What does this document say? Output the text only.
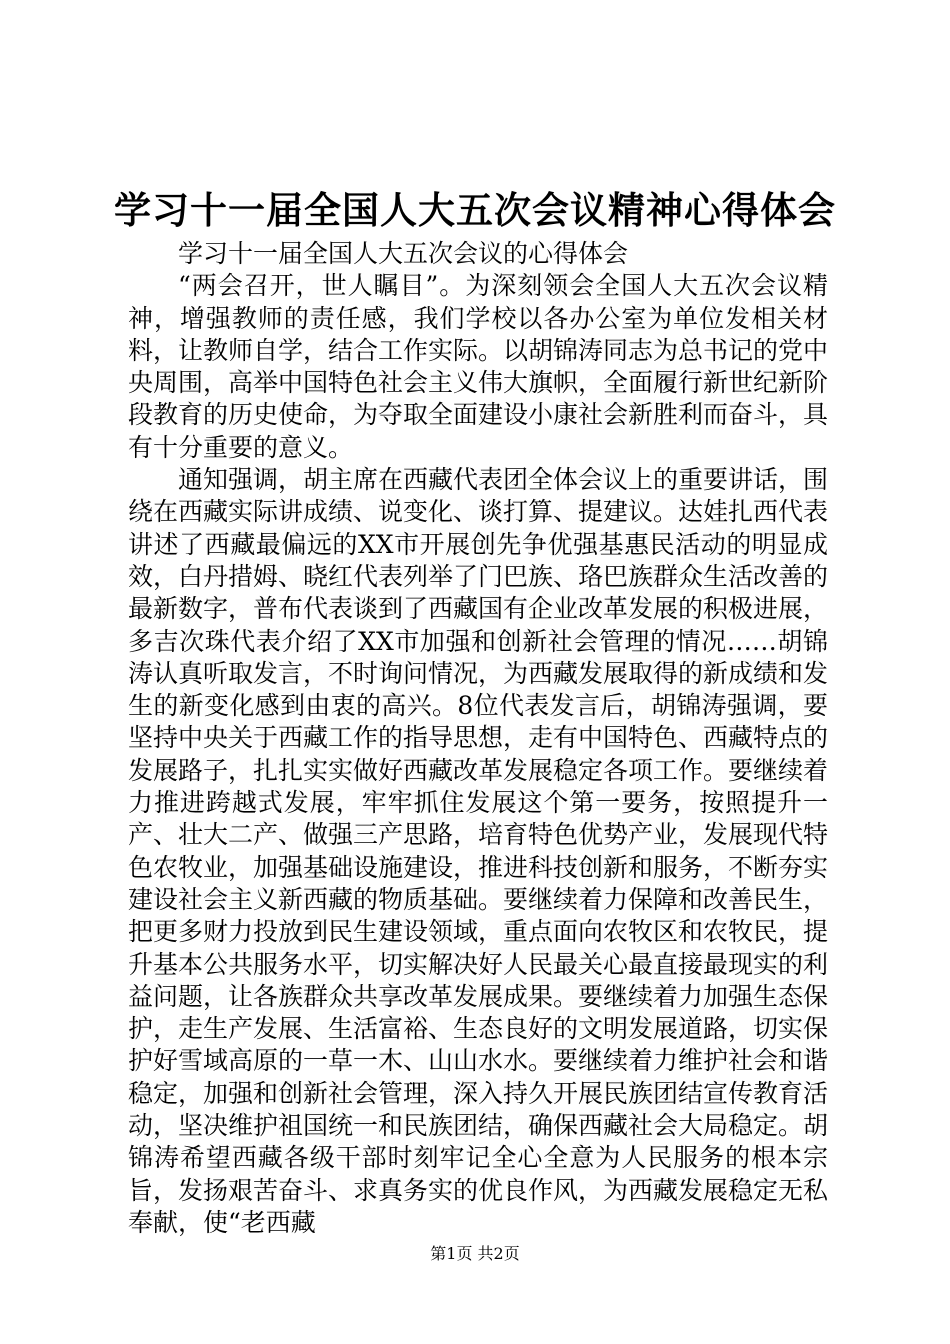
学习十一届全国人大五次会议精神心得体会

学习十一届全国人大五次会议的心得体会

“两会召开，世人瞩目”。为深刻领会全国人大五次会议精神，增强教师的责任感，我们学校以各办公室为单位发相关材料，让教师自学，结合工作实际。以胡锦涛同志为总书记的党中央周围，高举中国特色社会主义伟大旗帜，全面履行新世纪新阶段教育的历史使命，为夺取全面建设小康社会新胜利而奋斗，具有十分重要的意义。

通知强调，胡主席在西藏代表团全体会议上的重要讲话，围绕在西藏实际讲成绩、说变化、谈打算、提建议。达娃扎西代表讲述了西藏最偏远的XX市开展创先争优强基惠民活动的明显成效，白丹措姆、晓红代表列举了门巴族、珞巴族群众生活改善的最新数字，普布代表谈到了西藏国有企业改革发展的积极进展，多吉次珠代表介绍了XX市加强和创新社会管理的情况……胡锦涛认真听取发言，不时询问情况，为西藏发展取得的新成绩和发生的新变化感到由衷的高兴。8位代表发言后，胡锦涛强调，要坚持中央关于西藏工作的指导思想，走有中国特色、西藏特点的发展路子，扎扎实实做好西藏改革发展稳定各项工作。要继续着力推进跨越式发展，牢牢抓住发展这个第一要务，按照提升一产、壮大二产、做强三产思路，培育特色优势产业，发展现代特色农牧业，加强基础设施建设，推进科技创新和服务，不断夯实建设社会主义新西藏的物质基础。要继续着力保障和改善民生，把更多财力投放到民生建设领域，重点面向农牧区和农牧民，提升基本公共服务水平，切实解决好人民最关心最直接最现实的利益问题，让各族群众共享改革发展成果。要继续着力加强生态保护，走生产发展、生活富裕、生态良好的文明发展道路，切实保护好雪域高原的一草一木、山山水水。要继续着力维护社会和谐稳定，加强和创新社会管理，深入持久开展民族团结宣传教育活动，坚决维护祖国统一和民族团结，确保西藏社会大局稳定。胡锦涛希望西藏各级干部时刻牢记全心全意为人民服务的根本宗旨，发扬艰苦奋斗、求真务实的优良作风，为西藏发展稳定无私奉献，使“老西藏

第1页 共2页
